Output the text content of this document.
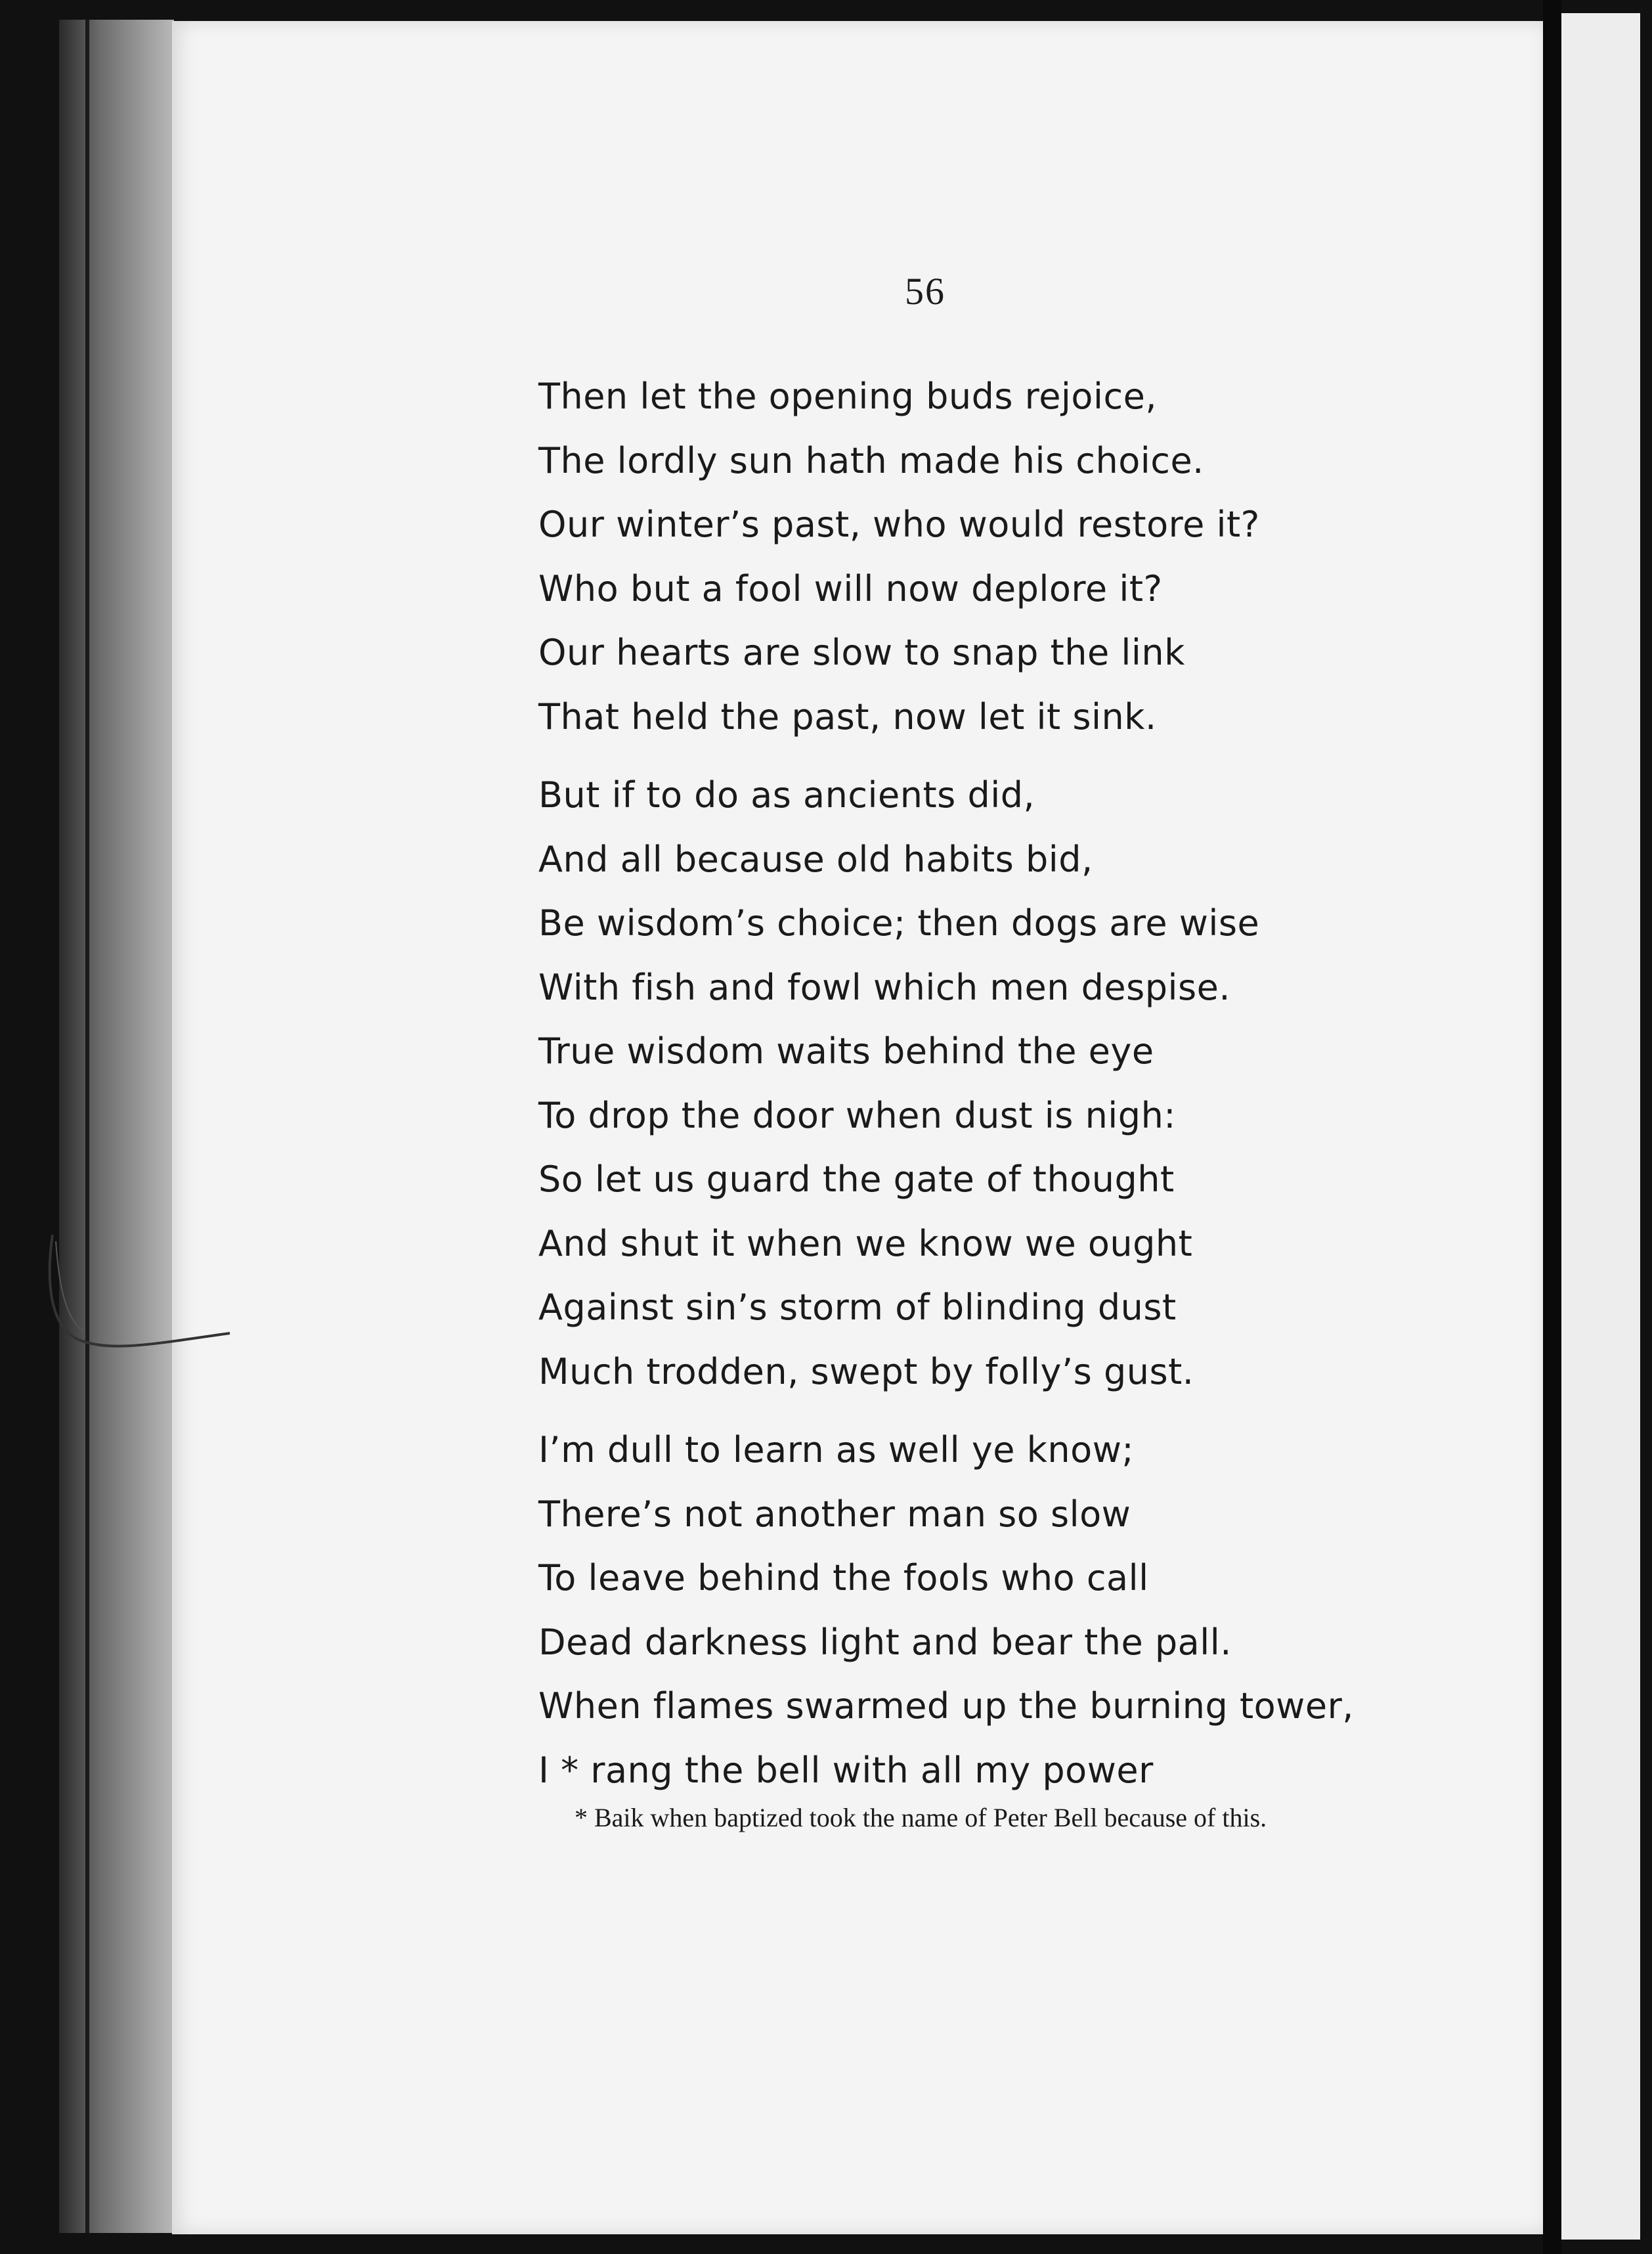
56
Then let the opening buds rejoice,
The lordly sun hath made his choice.
Our winter’s past, who would restore it?
Who but a fool will now deplore it?
Our hearts are slow to snap the link
That held the past, now let it sink.
But if to do as ancients did,
And all because old habits bid,
Be wisdom’s choice; then dogs are wise
With fish and fowl which men despise.
True wisdom waits behind the eye
To drop the door when dust is nigh:
So let us guard the gate of thought
And shut it when we know we ought
Against sin’s storm of blinding dust
Much trodden, swept by folly’s gust.
I’m dull to learn as well ye know;
There’s not another man so slow
To leave behind the fools who call
Dead darkness light and bear the pall.
When flames swarmed up the burning tower,
I * rang the bell with all my power
* Baik when baptized took the name of Peter Bell because of this.
